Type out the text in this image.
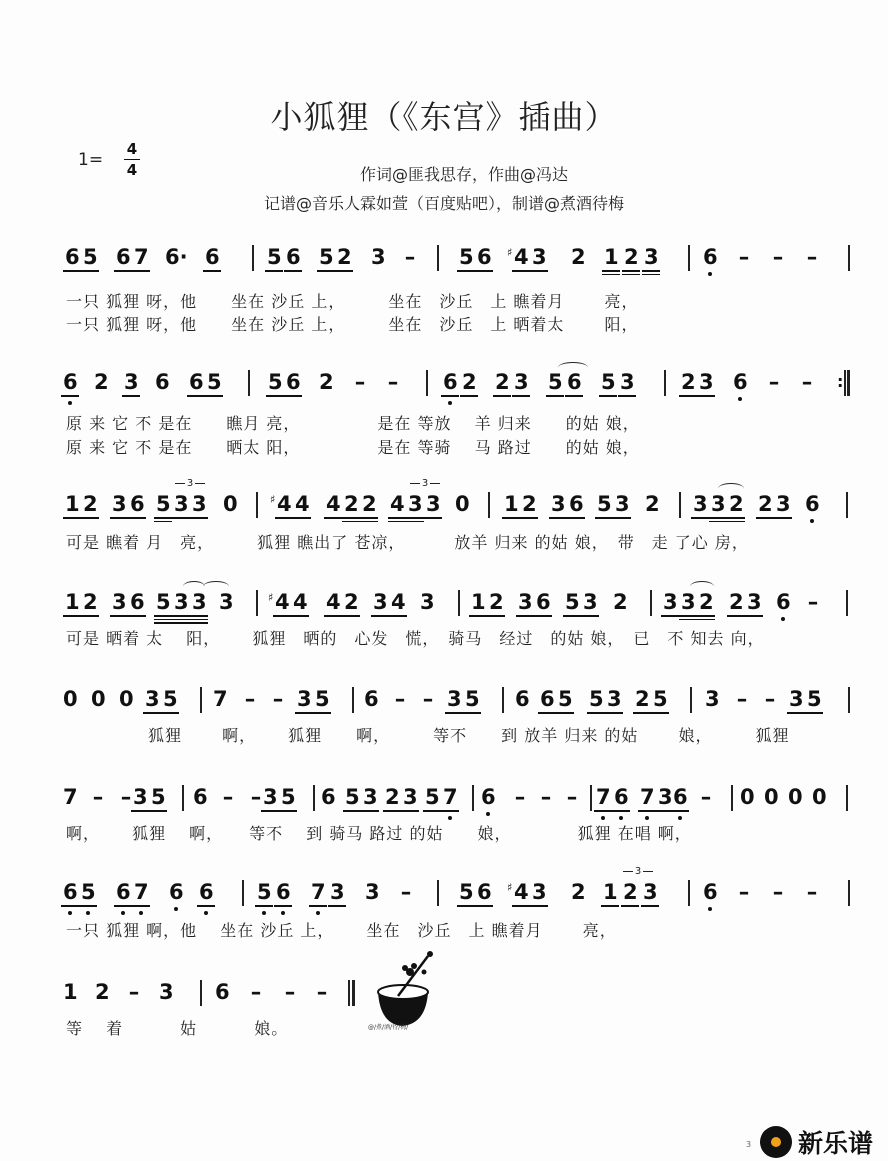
小狐狸（《东宫》插曲）
1=
4
4	作词@匪我思存，作曲@冯达
记谱@音乐人霖如萱（百度贴吧），制谱@煮酒待梅
6 5 6 7 6· 6 5 6 5 2 3 – 5 6 4
♯ 3 2 1 2 3 6 – – –
一只 狐狸 呀，他　　坐在 沙丘 上，　　　坐在　沙丘　上 瞧着月　　 亮，
一只 狐狸 呀，他　　坐在 沙丘 上，　　　坐在　沙丘　上 晒着太　　 阳，
6 2 3 6 6 5 5 6 2 – – 6 2 2 3 5 6 5 3 2 3 6 – – :
原 来 它 不 是在　　瞧月 亮，　　　　　是在 等放　 羊 归来　　的姑 娘，
原 来 它 不 是在　　晒太 阳，　　　　　是在 等骑　 马 路过　　的姑 娘，
1 2 3 6 5 3 3 0 4
♯ 4 4 2 2 4 3 3 0 1 2 3 6 5 3 2 3 3 2 2 3 6
3	3
可是 瞧着 月　亮，　　　狐狸 瞧出了 苍凉，　　　 放羊 归来 的姑 娘，　带　走 了心 房，
1 2 3 6 5 3 3 3 4
♯ 4 4 2 3 4 3 1 2 3 6 5 3 2 3 3 2 2 3 6 –
可是 晒着 太　 阳，　　 狐狸　晒的　心发　慌，　骑马　经过　的姑 娘，　已　不 知去 向，
0 0 0 3 5 7 – – 3 5 6 – – 3 5 6 6 5 5 3 2 5 3 – – 3 5
狐狸　　 啊，　　 狐狸　　啊，　　　等不　　到 放羊 归来 的姑　　 娘，　　　狐狸
7 – – 3 5 6 – – 3 5 6 5 3 2 3 5 7 6 – – – 7 6 7 3 6 – 0 0 0 0
啊，　　 狐狸　 啊，　　等不　 到 骑马 路过 的姑　　娘，　　　　 狐狸 在唱 啊，
6 5 6 7 6 6 5 6 7 3 3 – 5 6 4
♯ 3 2 1 2 3 6 – – –
3
一只 狐狸 啊，他　 坐在 沙丘 上，　　 坐在　沙丘　上 瞧着月　　 亮，
1 2 – 3 6 – – –
等　 着　　　 姑　　　 娘。	@/煮/酒/待/梅/
3 新乐谱
